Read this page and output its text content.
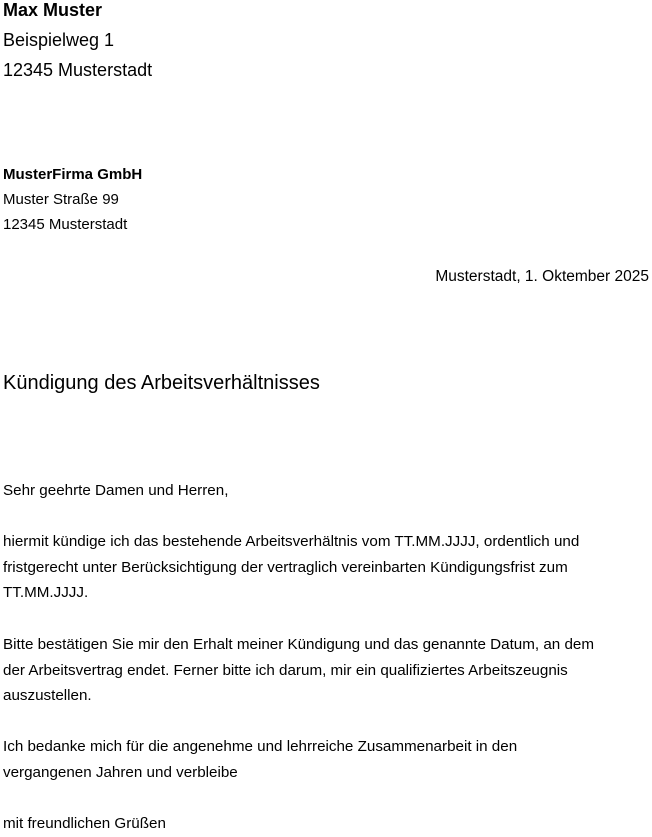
Max Muster
Beispielweg 1
12345 Musterstadt
MusterFirma GmbH
Muster Straße 99
12345 Musterstadt
Musterstadt, 1. Oktember 2025
Kündigung des Arbeitsverhältnisses
Sehr geehrte Damen und Herren,
hiermit kündige ich das bestehende Arbeitsverhältnis vom TT.MM.JJJJ, ordentlich und
fristgerecht unter Berücksichtigung der vertraglich vereinbarten Kündigungsfrist zum
TT.MM.JJJJ.
Bitte bestätigen Sie mir den Erhalt meiner Kündigung und das genannte Datum, an dem
der Arbeitsvertrag endet. Ferner bitte ich darum, mir ein qualifiziertes Arbeitszeugnis
auszustellen.
Ich bedanke mich für die angenehme und lehrreiche Zusammenarbeit in den
vergangenen Jahren und verbleibe
mit freundlichen Grüßen
